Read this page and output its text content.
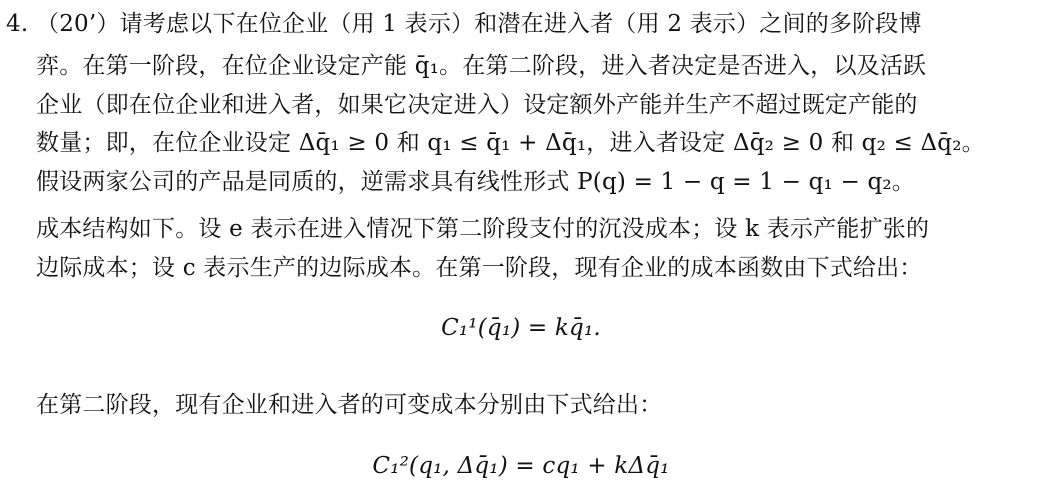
4. （20’）请考虑以下在位企业（用 1 表示）和潜在进入者（用 2 表示）之间的多阶段博
弈。在第一阶段，在位企业设定产能 q̄₁。在第二阶段，进入者决定是否进入，以及活跃
企业（即在位企业和进入者，如果它决定进入）设定额外产能并生产不超过既定产能的
数量；即，在位企业设定 Δq̄₁ ≥ 0 和 q₁ ≤ q̄₁ + Δq̄₁，进入者设定 Δq̄₂ ≥ 0 和 q₂ ≤ Δq̄₂。
假设两家公司的产品是同质的，逆需求具有线性形式 P(q) = 1 − q = 1 − q₁ − q₂。
成本结构如下。设 e 表示在进入情况下第二阶段支付的沉没成本；设 k 表示产能扩张的
边际成本；设 c 表示生产的边际成本。在第一阶段，现有企业的成本函数由下式给出：
C₁¹(q̄₁) = kq̄₁.
在第二阶段，现有企业和进入者的可变成本分别由下式给出：
C₁²(q₁, Δq̄₁) = cq₁ + kΔq̄₁
